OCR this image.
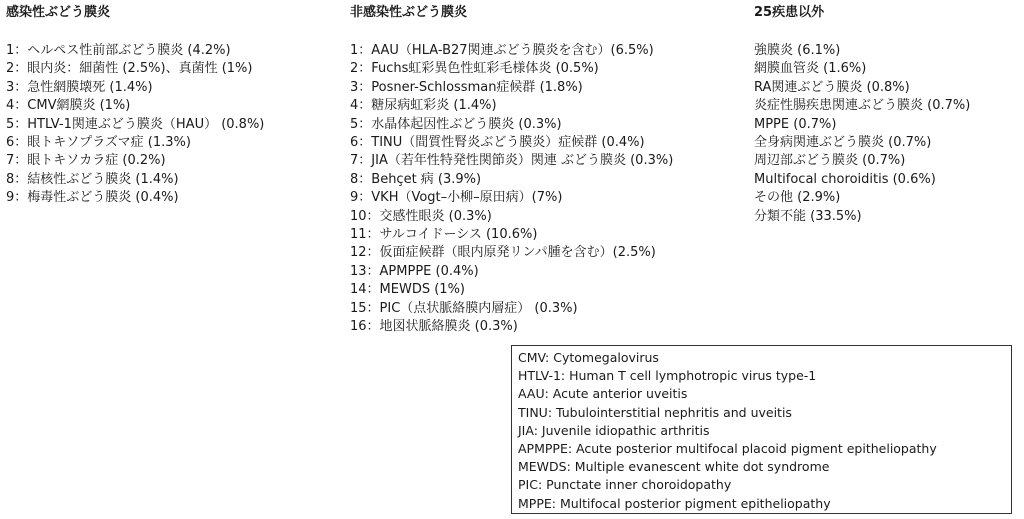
感染性ぶどう膜炎
1：ヘルペス性前部ぶどう膜炎 (4.2%)
2：眼内炎：細菌性 (2.5%)、真菌性 (1%)
3：急性網膜壊死 (1.4%)
4：CMV網膜炎 (1%)
5：HTLV-1関連ぶどう膜炎（HAU） (0.8%)
6：眼トキソプラズマ症 (1.3%)
7：眼トキソカラ症 (0.2%)
8：結核性ぶどう膜炎 (1.4%)
9：梅毒性ぶどう膜炎 (0.4%)
非感染性ぶどう膜炎
1：AAU（HLA-B27関連ぶどう膜炎を含む）(6.5%)
2：Fuchs虹彩異色性虹彩毛様体炎 (0.5%)
3：Posner-Schlossman症候群 (1.8%)
4：糖尿病虹彩炎 (1.4%)
5：水晶体起因性ぶどう膜炎 (0.3%)
6：TINU（間質性腎炎ぶどう膜炎）症候群 (0.4%)
7：JIA（若年性特発性関節炎）関連 ぶどう膜炎 (0.3%)
8：Behçet 病 (3.9%)
9：VKH（Vogt–小柳–原田病）(7%)
10：交感性眼炎 (0.3%)
11：サルコイドーシス (10.6%)
12：仮面症候群（眼内原発リンパ腫を含む）(2.5%)
13：APMPPE (0.4%)
14：MEWDS (1%)
15：PIC（点状脈絡膜内層症） (0.3%)
16：地図状脈絡膜炎 (0.3%)
25疾患以外
強膜炎 (6.1%)
網膜血管炎 (1.6%)
RA関連ぶどう膜炎 (0.8%)
炎症性腸疾患関連ぶどう膜炎 (0.7%)
MPPE (0.7%)
全身病関連ぶどう膜炎 (0.7%)
周辺部ぶどう膜炎 (0.7%)
Multifocal choroiditis (0.6%)
その他 (2.9%)
分類不能 (33.5%)
CMV: Cytomegalovirus
HTLV-1: Human T cell lymphotropic virus type-1
AAU: Acute anterior uveitis
TINU: Tubulointerstitial nephritis and uveitis
JIA: Juvenile idiopathic arthritis
APMPPE: Acute posterior multifocal placoid pigment epitheliopathy
MEWDS: Multiple evanescent white dot syndrome
PIC: Punctate inner choroidopathy
MPPE: Multifocal posterior pigment epitheliopathy
